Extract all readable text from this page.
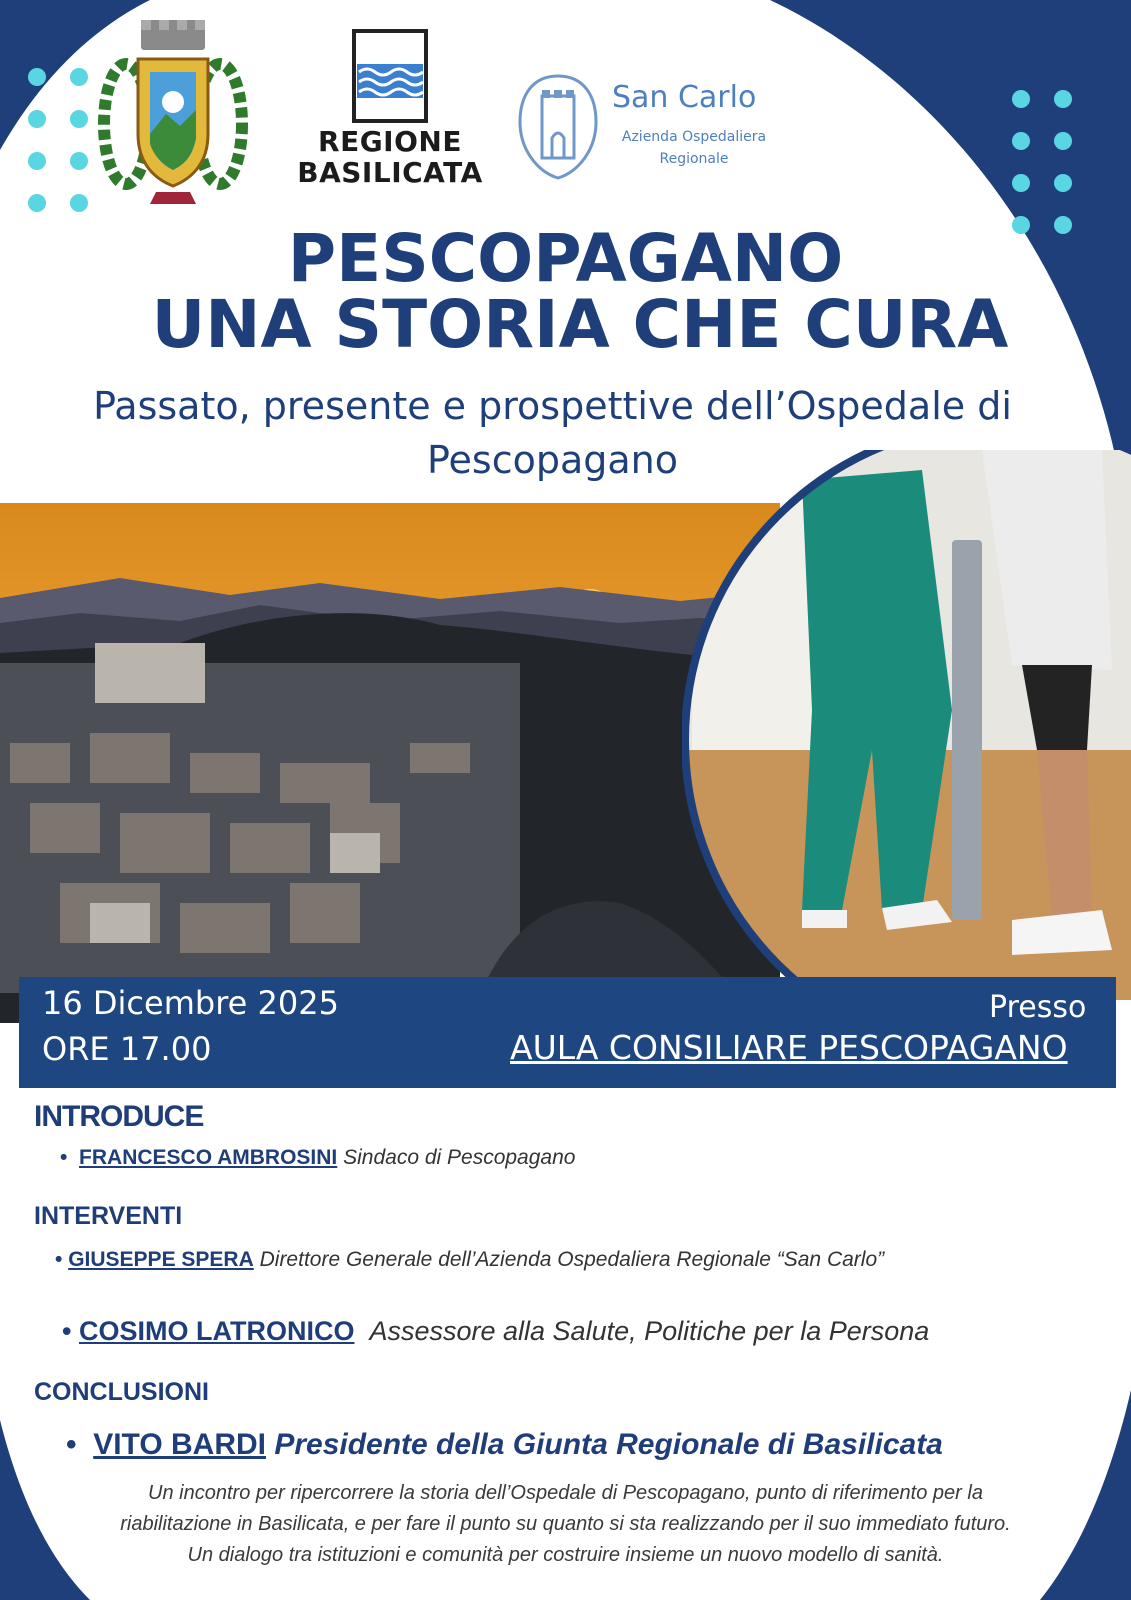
REGIONE
BASILICATA
San Carlo
Azienda Ospedaliera
Regionale
PESCOPAGANO
UNA STORIA CHE CURA
Passato, presente e prospettive dell’Ospedale di
Pescopagano
16 Dicembre 2025
ORE 17.00
Presso
AULA CONSILIARE PESCOPAGANO
INTRODUCE
• FRANCESCO AMBROSINI Sindaco di Pescopagano
INTERVENTI
• GIUSEPPE SPERA Direttore Generale dell’Azienda Ospedaliera Regionale “San Carlo”
• COSIMO LATRONICO Assessore alla Salute, Politiche per la Persona
CONCLUSIONI
• VITO BARDI Presidente della Giunta Regionale di Basilicata
Un incontro per ripercorrere la storia dell’Ospedale di Pescopagano, punto di riferimento per la
riabilitazione in Basilicata, e per fare il punto su quanto si sta realizzando per il suo immediato futuro.
Un dialogo tra istituzioni e comunità per costruire insieme un nuovo modello di sanità.
